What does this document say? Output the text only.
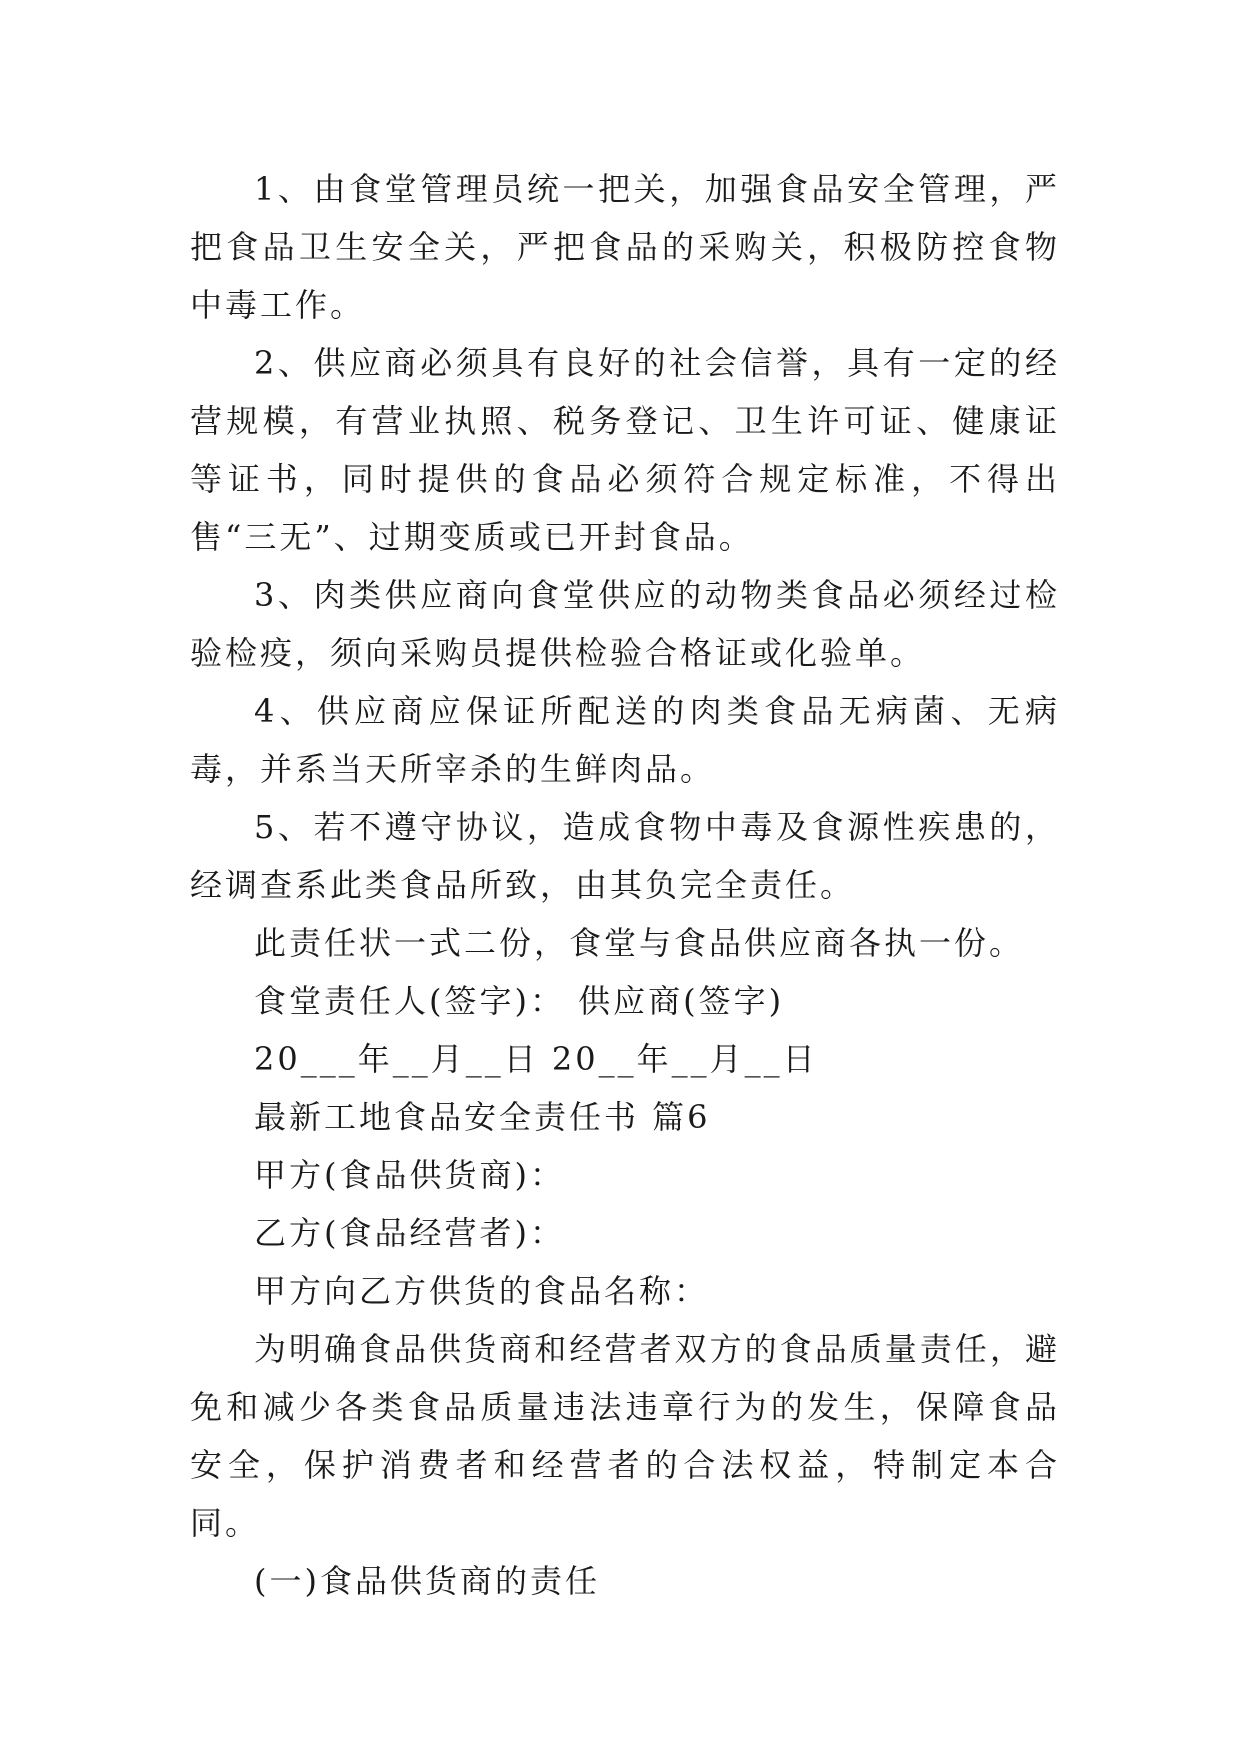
1、由食堂管理员统一把关，加强食品安全管理，严把食品卫生安全关，严把食品的采购关，积极防控食物中毒工作。

2、供应商必须具有良好的社会信誉，具有一定的经营规模，有营业执照、税务登记、卫生许可证、健康证等证书，同时提供的食品必须符合规定标准，不得出售“三无”、过期变质或已开封食品。

3、肉类供应商向食堂供应的动物类食品必须经过检验检疫，须向采购员提供检验合格证或化验单。

4、供应商应保证所配送的肉类食品无病菌、无病毒，并系当天所宰杀的生鲜肉品。

5、若不遵守协议，造成食物中毒及食源性疾患的，经调查系此类食品所致，由其负完全责任。

此责任状一式二份，食堂与食品供应商各执一份。

食堂责任人(签字)： 供应商(签字)

20___年__月__日 20__年__月__日

最新工地食品安全责任书 篇6

甲方(食品供货商)：

乙方(食品经营者)：

甲方向乙方供货的食品名称：

为明确食品供货商和经营者双方的食品质量责任，避免和减少各类食品质量违法违章行为的发生，保障食品安全，保护消费者和经营者的合法权益，特制定本合同。

(一)食品供货商的责任
